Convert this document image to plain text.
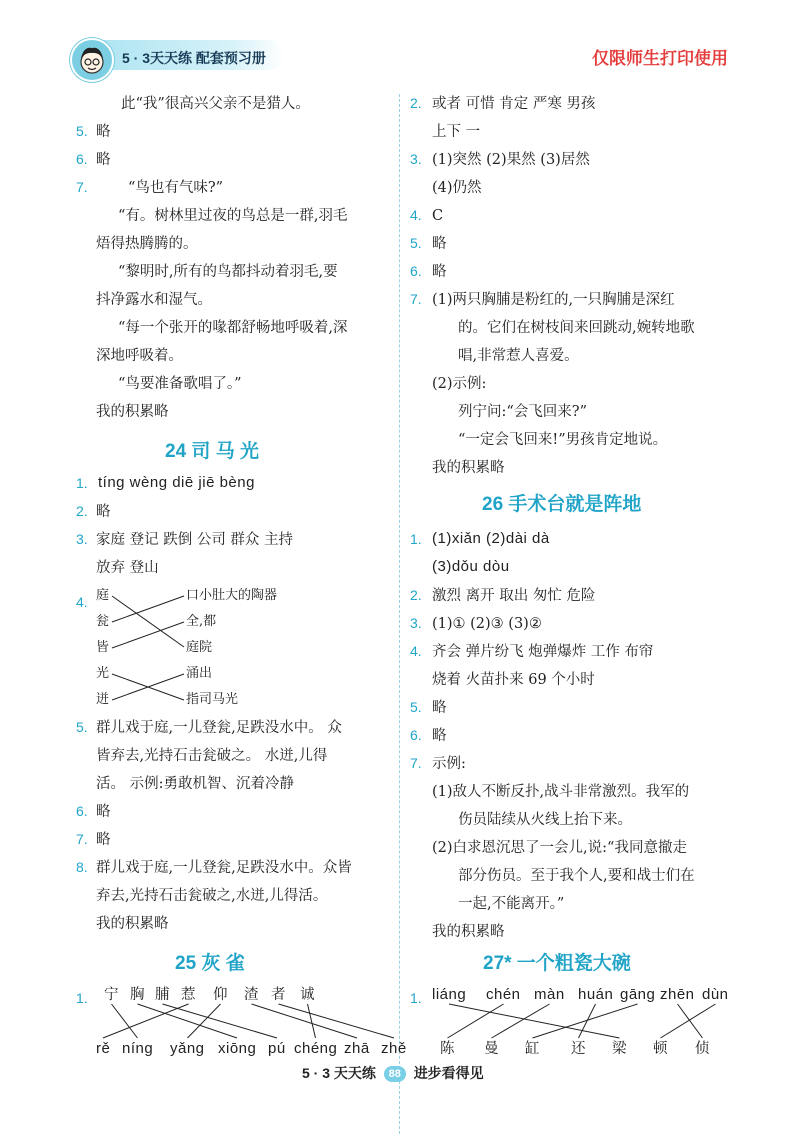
5 · 3天天练 配套预习册	仅限师生打印使用
此“我”很高兴父亲不是猎人。
5. 略
6. 略
7.	“鸟也有气味?”
“有。树林里过夜的鸟总是一群,羽毛
焐得热腾腾的。
“黎明时,所有的鸟都抖动着羽毛,要
抖净露水和湿气。
“每一个张开的喙都舒畅地呼吸着,深
深地呼吸着。
“鸟要准备歌唱了。”
我的积累略
24 司 马 光
1. tíng wèng diē jiē bèng
2. 略
3. 家庭 登记 跌倒 公司 群众 主持
放弃 登山
4. 庭
瓮
皆
光
迸
口小肚大的陶器
全,都
庭院
涌出
指司马光
5. 群儿戏于庭,一儿登瓮,足跌没水中。 众
皆弃去,光持石击瓮破之。 水迸,儿得
活。 示例:勇敢机智、沉着冷静
6. 略
7. 略
8. 群儿戏于庭,一儿登瓮,足跌没水中。众皆
弃去,光持石击瓮破之,水迸,儿得活。
我的积累略
25 灰 雀
1. 宁 胸 脯 惹 仰 渣 者 诚
rě níng yǎng xiōng pú chéng zhā zhě
2. 或者 可惜 肯定 严寒 男孩
上下 一
3. (1)突然 (2)果然 (3)居然
(4)仍然
4. C
5. 略
6. 略
7. (1)两只胸脯是粉红的,一只胸脯是深红
的。它们在树枝间来回跳动,婉转地歌
唱,非常惹人喜爱。
(2)示例:
列宁问:“会飞回来?”
“一定会飞回来!”男孩肯定地说。
我的积累略
26 手术台就是阵地
1. (1)xiǎn (2)dài dà
(3)dǒu dòu
2. 激烈 离开 取出 匆忙 危险
3. (1)① (2)③ (3)②
4. 齐会 弹片纷飞 炮弹爆炸 工作 布帘
烧着 火苗扑来 69 个小时
5. 略
6. 略
7. 示例:
(1)敌人不断反扑,战斗非常激烈。我军的
伤员陆续从火线上抬下来。
(2)白求恩沉思了一会儿,说:“我同意撤走
部分伤员。至于我个人,要和战士们在
一起,不能离开。”
我的积累略
27* 一个粗瓷大碗
1. liáng chén màn huán gāng zhēn dùn
陈 曼 缸 还 梁 顿 侦
5 · 3 天天练 88 进步看得见
